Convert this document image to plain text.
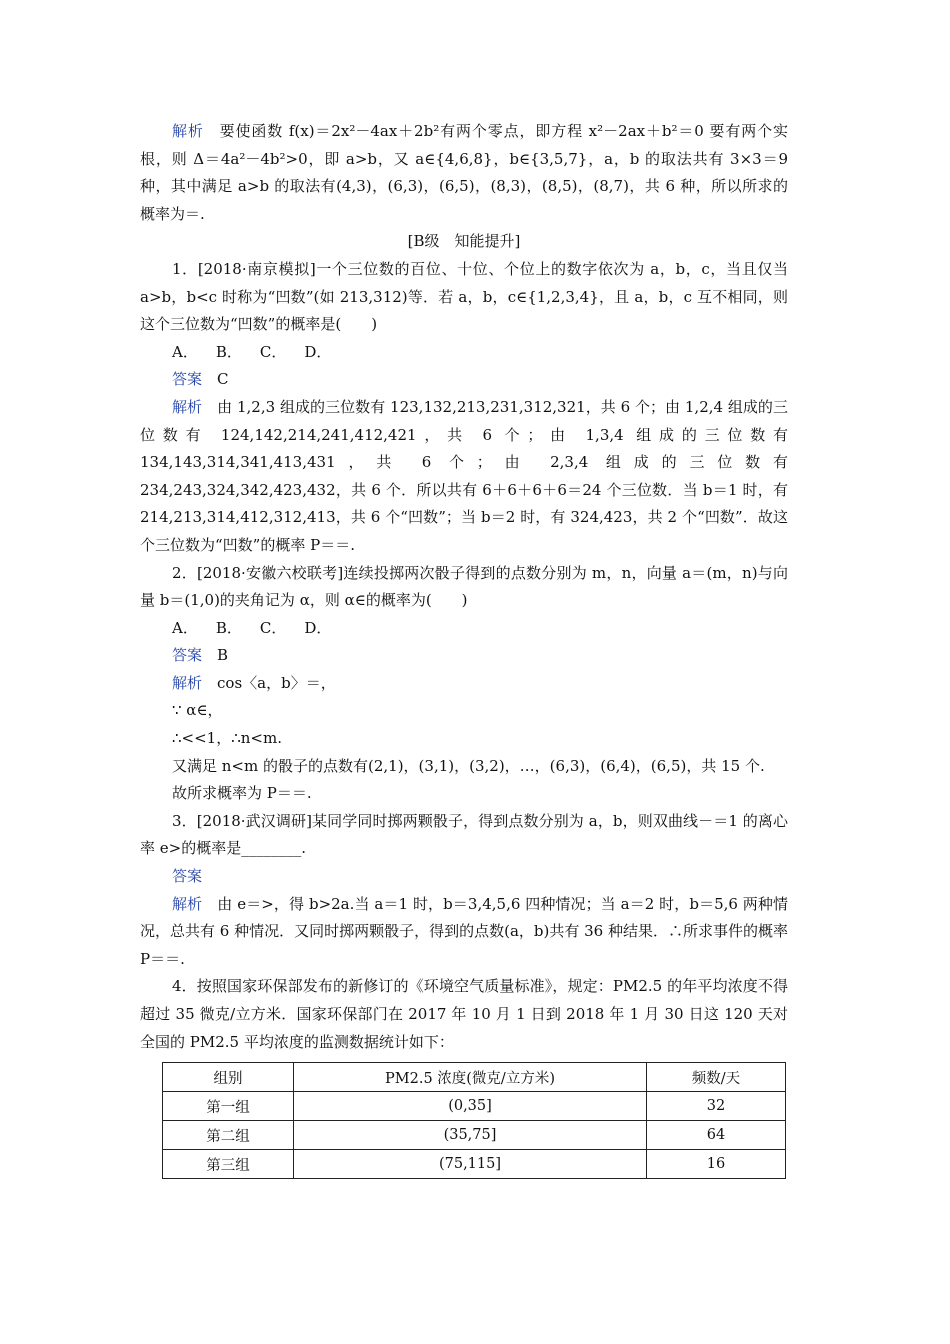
解析　 要使函数 f(x)＝2x²－4ax＋2b²有两个零点，即方程 x²－2ax＋b²＝0 要有两个实根，则 Δ＝4a²－4b²>0，即 a>b，又 a∈{4,6,8}，b∈{3,5,7}，a，b 的取法共有 3×3＝9 种，其中满足 a>b 的取法有(4,3)，(6,3)，(6,5)，(8,3)，(8,5)，(8,7)，共 6 种，所以所求的概率为＝.

[B级　知能提升]

1．[2018·南京模拟]一个三位数的百位、十位、个位上的数字依次为 a，b，c，当且仅当 a>b，b<c 时称为“凹数”(如 213,312)等．若 a，b，c∈{1,2,3,4}，且 a，b，c 互不相同，则这个三位数为“凹数”的概率是(　　)

A． B． C． D．

答案　 C

解析　 由 1,2,3 组成的三位数有 123,132,213,231,312,321，共 6 个；由 1,2,4 组成的三位数有 124,142,214,241,412,421，共 6 个；由 1,3,4 组成的三位数有 134,143,314,341,413,431，共 6 个；由 2,3,4 组成的三位数有 234,243,324,342,423,432，共 6 个．所以共有 6＋6＋6＋6＝24 个三位数．当 b＝1 时，有 214,213,314,412,312,413，共 6 个“凹数”；当 b＝2 时，有 324,423，共 2 个“凹数”．故这个三位数为“凹数”的概率 P＝＝.

2．[2018·安徽六校联考]连续投掷两次骰子得到的点数分别为 m，n，向量 a＝(m，n)与向量 b＝(1,0)的夹角记为 α，则 α∈的概率为(　　)

A． B． C． D．

答案　 B

解析　 cos〈a，b〉＝，

∵ α∈，

∴<<1，∴n<m.

又满足 n<m 的骰子的点数有(2,1)，(3,1)，(3,2)，…，(6,3)，(6,4)，(6,5)，共 15 个.

故所求概率为 P＝＝.

3．[2018·武汉调研]某同学同时掷两颗骰子，得到点数分别为 a，b，则双曲线－＝1 的离心率 e>的概率是________.

答案

解析　 由 e＝>，得 b>2a.当 a＝1 时，b＝3,4,5,6 四种情况；当 a＝2 时，b＝5,6 两种情况，总共有 6 种情况．又同时掷两颗骰子，得到的点数(a，b)共有 36 种结果．∴所求事件的概率 P＝＝.

4．按照国家环保部发布的新修订的《环境空气质量标准》，规定：PM2.5 的年平均浓度不得超过 35 微克/立方米．国家环保部门在 2017 年 10 月 1 日到 2018 年 1 月 30 日这 120 天对全国的 PM2.5 平均浓度的监测数据统计如下：

组别	PM2.5 浓度(微克/立方米)	频数/天
第一组	(0,35]	32
第二组	(35,75]	64
第三组	(75,115]	16
